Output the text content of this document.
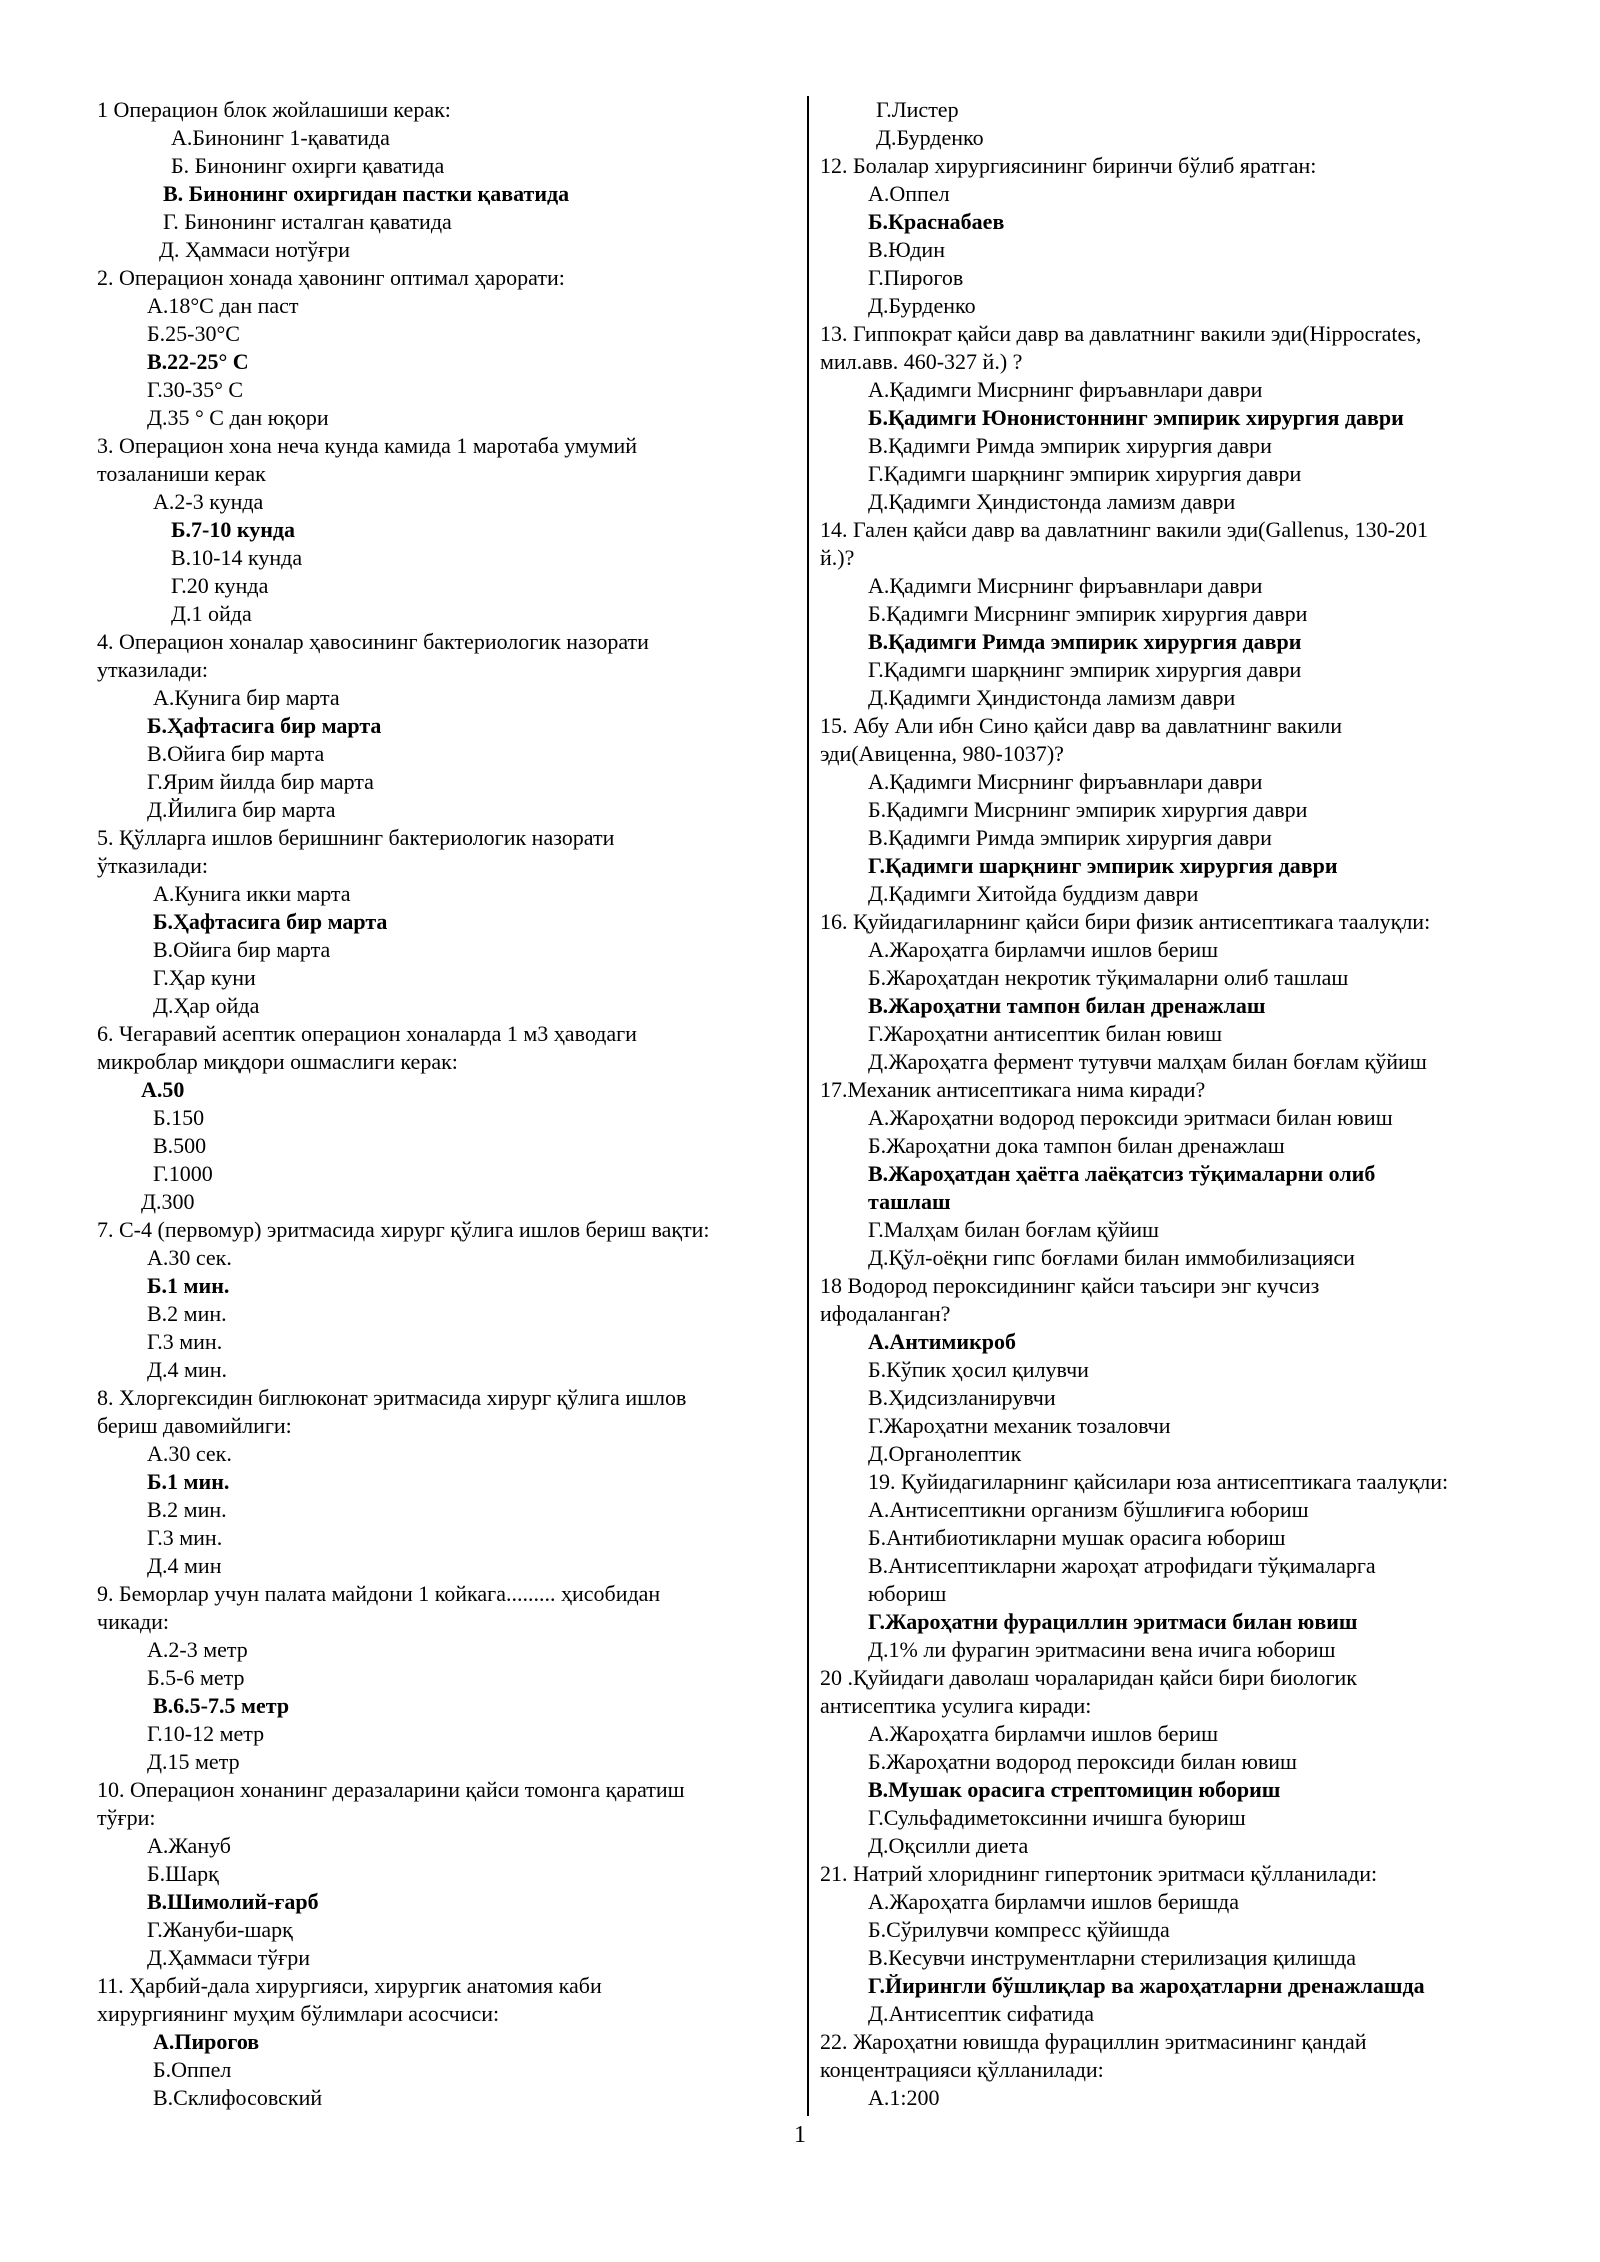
1 Операцион блок жойлашиши керак:
А.Бинонинг 1-қаватида
Б. Бинонинг охирги қаватида
В. Бинонинг охиргидан пастки қаватида
Г. Бинонинг исталган қаватида
Д. Ҳаммаси нотўғри
2. Операцион хонада ҳавонинг оптимал ҳарорати:
А.18°С дан паст
Б.25-30°С
В.22-25° С
Г.30-35° С
Д.35 ° С дан юқори
3. Операцион хона неча кунда камида 1 маротаба умумий
тозаланиши керак
А.2-3 кунда
Б.7-10 кунда
В.10-14 кунда
Г.20 кунда
Д.1 ойда
4. Операцион хоналар ҳавосининг бактериологик назорати
утказилади:
А.Кунига бир марта
Б.Ҳафтасига бир марта
В.Ойига бир марта
Г.Ярим йилда бир марта
Д.Йилига бир марта
5. Қўлларга ишлов беришнинг бактериологик назорати
ўтказилади:
А.Кунига икки марта
Б.Ҳафтасига бир марта
В.Ойига бир марта
Г.Ҳар куни
Д.Ҳар ойда
6. Чегаравий асептик операцион хоналарда 1 м3 ҳаводаги
микроблар миқдори ошмаслиги керак:
А.50
Б.150
В.500
Г.1000
Д.300
7. С-4 (первомур) эритмасида хирург қўлига ишлов бериш вақти:
А.30 сек.
Б.1 мин.
В.2 мин.
Г.3 мин.
Д.4 мин.
8. Хлоргексидин биглюконат эритмасида хирург қўлига ишлов
бериш давомийлиги:
А.30 сек.
Б.1 мин.
В.2 мин.
Г.3 мин.
Д.4 мин
9. Беморлар учун палата майдони 1 койкага......... ҳисобидан
чикади:
А.2-3 метр
Б.5-6 метр
В.6.5-7.5 метр
Г.10-12 метр
Д.15 метр
10. Операцион хонанинг деразаларини қайси томонга қаратиш
тўғри:
А.Жануб
Б.Шарқ
В.Шимолий-ғарб
Г.Жануби-шарқ
Д.Ҳаммаси тўғри
11. Ҳарбий-дала хирургияси, хирургик анатомия каби
хирургиянинг муҳим бўлимлари асосчиси:
А.Пирогов
Б.Оппел
В.Склифосовский
Г.Листер
Д.Бурденко
12. Болалар хирургиясининг биринчи бўлиб яратган:
А.Оппел
Б.Краснабаев
В.Юдин
Г.Пирогов
Д.Бурденко
13. Гиппократ қайси давр ва давлатнинг вакили эди(Hippocrates,
мил.авв. 460-327 й.) ?
А.Қадимги Мисрнинг фиръавнлари даври
Б.Қадимги Юнонистоннинг эмпирик хирургия даври
В.Қадимги Римда эмпирик хирургия даври
Г.Қадимги шарқнинг эмпирик хирургия даври
Д.Қадимги Ҳиндистонда ламизм даври
14. Гален қайси давр ва давлатнинг вакили эди(Gallenus, 130-201
й.)?
А.Қадимги Мисрнинг фиръавнлари даври
Б.Қадимги Мисрнинг эмпирик хирургия даври
В.Қадимги Римда эмпирик хирургия даври
Г.Қадимги шарқнинг эмпирик хирургия даври
Д.Қадимги Ҳиндистонда ламизм даври
15. Абу Али ибн Сино қайси давр ва давлатнинг вакили
эди(Авиценна, 980-1037)?
А.Қадимги Мисрнинг фиръавнлари даври
Б.Қадимги Мисрнинг эмпирик хирургия даври
В.Қадимги Римда эмпирик хирургия даври
Г.Қадимги шарқнинг эмпирик хирургия даври
Д.Қадимги Хитойда буддизм даври
16. Қуйидагиларнинг қайси бири физик антисептикага таалуқли:
А.Жароҳатга бирламчи ишлов бериш
Б.Жароҳатдан некротик тўқималарни олиб ташлаш
В.Жароҳатни тампон билан дренажлаш
Г.Жароҳатни антисептик билан ювиш
Д.Жароҳатга фермент тутувчи малҳам билан боғлам қўйиш
17.Механик антисептикага нима киради?
А.Жароҳатни водород пероксиди эритмаси билан ювиш
Б.Жароҳатни дока тампон билан дренажлаш
В.Жароҳатдан ҳаётга лаёқатсиз тўқималарни олиб
ташлаш
Г.Малҳам билан боғлам қўйиш
Д.Қўл-оёқни гипс боғлами билан иммобилизацияси
18 Водород пероксидининг қайси таъсири энг кучсиз
ифодаланган?
А.Антимикроб
Б.Кўпик ҳосил қилувчи
В.Ҳидсизланирувчи
Г.Жароҳатни механик тозаловчи
Д.Органолептик
19. Қуйидагиларнинг қайсилари юза антисептикага таалуқли:
А.Антисептикни организм бўшлиғига юбориш
Б.Антибиотикларни мушак орасига юбориш
В.Антисептикларни жароҳат атрофидаги тўқималарга
юбориш
Г.Жароҳатни фурациллин эритмаси билан ювиш
Д.1% ли фурагин эритмасини вена ичига юбориш
20 .Қуйидаги даволаш чораларидан қайси бири биологик
антисептика усулига киради:
А.Жароҳатга бирламчи ишлов бериш
Б.Жароҳатни водород пероксиди билан ювиш
В.Мушак орасига стрептомицин юбориш
Г.Сульфадиметоксинни ичишга буюриш
Д.Оқсилли диета
21. Натрий хлориднинг гипертоник эритмаси қўлланилади:
А.Жароҳатга бирламчи ишлов беришда
Б.Сўрилувчи компресс қўйишда
В.Кесувчи инструментларни стерилизация қилишда
Г.Йирингли бўшлиқлар ва жароҳатларни дренажлашда
Д.Антисептик сифатида
22. Жароҳатни ювишда фурациллин эритмасининг қандай
концентрацияси қўлланилади:
А.1:200
1
